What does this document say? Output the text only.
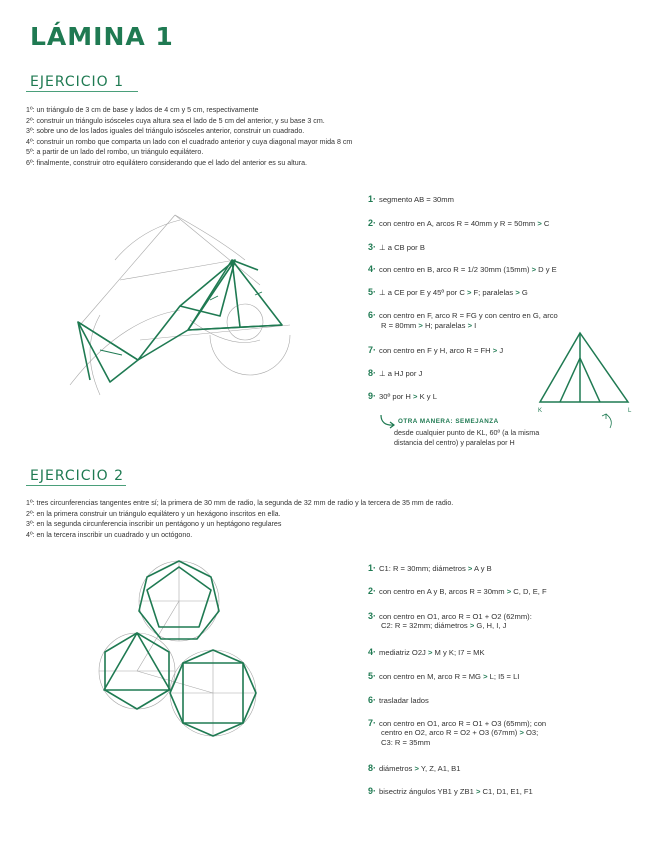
LÁMINA 1
EJERCICIO 1
1º: un triángulo de 3 cm de base y lados de 4 cm y 5 cm, respectivamente
2º: construir un triángulo isósceles cuya altura sea el lado de 5 cm del anterior, y su base 3 cm.
3º: sobre uno de los lados iguales del triángulo isósceles anterior, construir un cuadrado.
4º: construir un rombo que comparta un lado con el cuadrado anterior y cuya diagonal mayor mida 8 cm
5º: a partir de un lado del rombo, un triángulo equilátero.
6º: finalmente, construir otro equilátero considerando que el lado del anterior es su altura.
1· segmento AB = 30mm
2· con centro en A, arcos R = 40mm y R = 50mm > C
3· ⊥ a CB por B
4· con centro en B, arco R = 1/2 30mm (15mm) > D y E
5· ⊥ a CE por E y 45º por C > F; paralelas > G
6· con centro en F, arco R = FG y con centro en G, arco
R = 80mm > H; paralelas > I
7· con centro en F y H, arco R = FH > J
8· ⊥ a HJ por J
9· 30º por H > K y L
OTRA MANERA: SEMEJANZA
desde cualquier punto de KL, 60º (a la misma
distancia del centro) y paralelas por H
K	L
EJERCICIO 2
1º: tres circunferencias tangentes entre sí; la primera de 30 mm de radio, la segunda de 32 mm de radio y la tercera de 35 mm de radio.
2º: en la primera construir un triángulo equilátero y un hexágono inscritos en ella.
3º: en la segunda circunferencia inscribir un pentágono y un heptágono regulares
4º: en la tercera inscribir un cuadrado y un octógono.
1· C1: R = 30mm; diámetros > A y B
2· con centro en A y B, arcos R = 30mm > C, D, E, F
3· con centro en O1, arco R = O1 + O2 (62mm):
C2: R = 32mm; diámetros > G, H, I, J
4· mediatriz O2J > M y K; I7 = MK
5· con centro en M, arco R = MG > L; I5 = LI
6· trasladar lados
7· con centro en O1, arco R = O1 + O3 (65mm); con
centro en O2, arco R = O2 + O3 (67mm) > O3;
C3: R = 35mm
8· diámetros > Y, Z, A1, B1
9· bisectriz ángulos YB1 y ZB1 > C1, D1, E1, F1
